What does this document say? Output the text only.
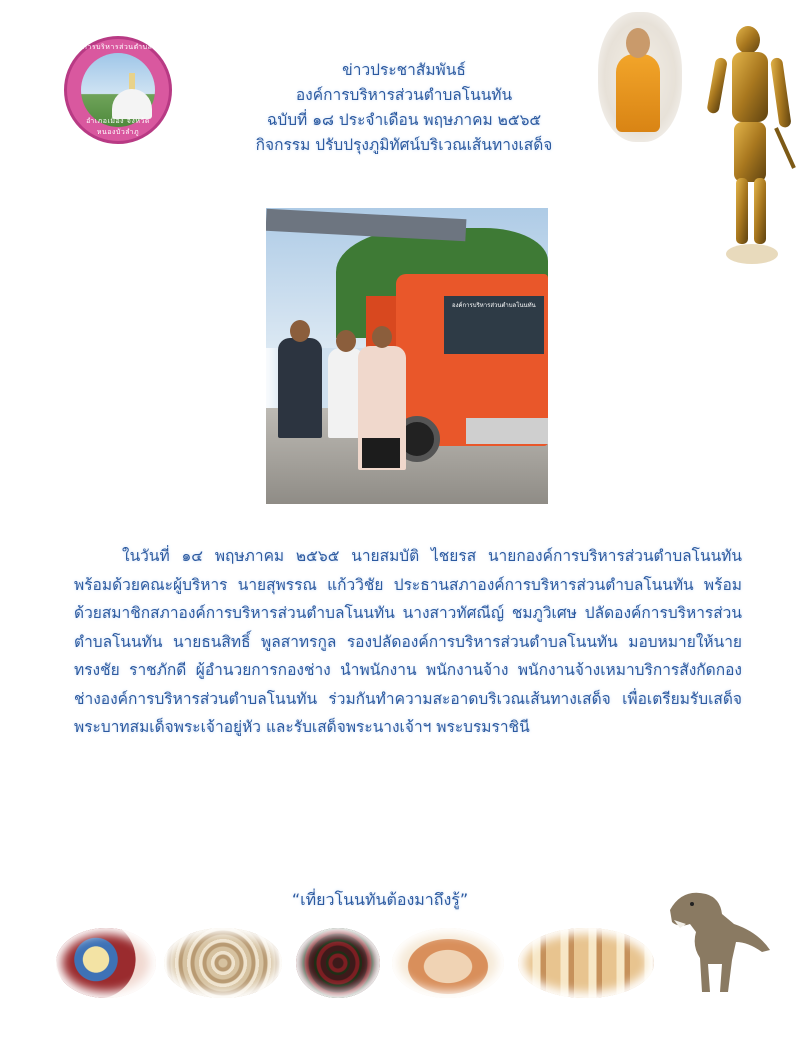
องค์การบริหารส่วนตำบลโนน
อำเภอเมือง จังหวัดหนองบัวลำภู
ข่าวประชาสัมพันธ์
องค์การบริหารส่วนตำบลโนนทัน
ฉบับที่ ๑๘ ประจำเดือน พฤษภาคม ๒๕๖๕
กิจกรรม ปรับปรุงภูมิทัศน์บริเวณเส้นทางเสด็จ
องค์การบริหารส่วนตำบลโนนทัน
ในวันที่ ๑๔ พฤษภาคม ๒๕๖๕ นายสมบัติ ไชยรส นายกองค์การบริหารส่วนตำบลโนนทัน พร้อมด้วยคณะผู้บริหาร นายสุพรรณ แก้ววิชัย ประธานสภาองค์การบริหารส่วนตำบลโนนทัน พร้อมด้วยสมาชิกสภาองค์การบริหารส่วนตำบลโนนทัน นางสาวทัศณีญ์ ชมภูวิเศษ ปลัดองค์การบริหารส่วนตำบลโนนทัน นายธนสิทธิ์ พูลสาทรกูล รองปลัดองค์การบริหารส่วนตำบลโนนทัน มอบหมายให้นายทรงชัย ราชภักดี ผู้อำนวยการกองช่าง นำพนักงาน พนักงานจ้าง พนักงานจ้างเหมาบริการสังกัดกองช่างองค์การบริหารส่วนตำบลโนนทัน ร่วมกันทำความสะอาดบริเวณเส้นทางเสด็จ เพื่อเตรียมรับเสด็จพระบาทสมเด็จพระเจ้าอยู่หัว และรับเสด็จพระนางเจ้าฯ พระบรมราชินี
“เที่ยวโนนทันต้องมาถึงรู้”
